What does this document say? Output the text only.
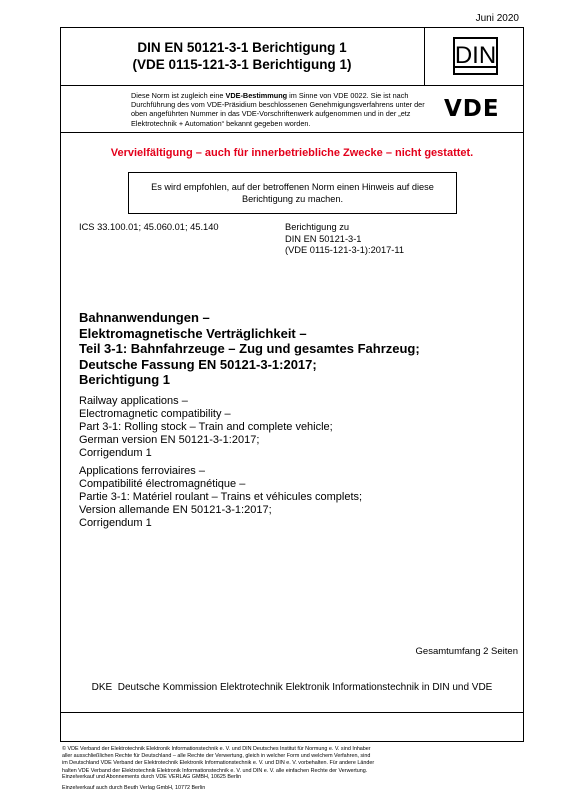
Juni 2020
DIN EN 50121-3-1 Berichtigung 1
(VDE 0115-121-3-1 Berichtigung 1)	DIN
Diese Norm ist zugleich eine VDE-Bestimmung im Sinne von VDE 0022. Sie ist nach Durchführung des vom VDE-Präsidium beschlossenen Genehmigungsverfahrens unter der oben angeführten Nummer in das VDE-Vorschriftenwerk aufgenommen und in der „etz Elektrotechnik + Automation“ bekannt gegeben worden.
VDE
Vervielfältigung – auch für innerbetriebliche Zwecke – nicht gestattet.
Es wird empfohlen, auf der betroffenen Norm einen Hinweis auf diese Berichtigung zu machen.
ICS 33.100.01; 45.060.01; 45.140	Berichtigung zu
DIN EN 50121-3-1
(VDE 0115-121-3-1):2017-11
Bahnanwendungen –
Elektromagnetische Verträglichkeit –
Teil 3-1: Bahnfahrzeuge – Zug und gesamtes Fahrzeug;
Deutsche Fassung EN 50121-3-1:2017;
Berichtigung 1
Railway applications –
Electromagnetic compatibility –
Part 3-1: Rolling stock – Train and complete vehicle;
German version EN 50121-3-1:2017;
Corrigendum 1
Applications ferroviaires –
Compatibilité électromagnétique –
Partie 3-1: Matériel roulant – Trains et véhicules complets;
Version allemande EN 50121-3-1:2017;
Corrigendum 1
Gesamtumfang 2 Seiten
DKE  Deutsche Kommission Elektrotechnik Elektronik Informationstechnik in DIN und VDE
© VDE Verband der Elektrotechnik Elektronik Informationstechnik e. V. und DIN Deutsches Institut für Normung e. V. sind Inhaber
aller ausschließlichen Rechte für Deutschland – alle Rechte der Verwertung, gleich in welcher Form und welchem Verfahren, sind
im Deutschland VDE Verband der Elektrotechnik Elektronik Informationstechnik e. V. und DIN e. V. vorbehalten. Für andere Länder
halten VDE Verband der Elektrotechnik Elektronik Informationstechnik e. V. und DIN e. V. alle einfachen Rechte der Verwertung.
Einzelverkauf und Abonnements durch VDE VERLAG GMBH, 10625 Berlin
Einzelverkauf auch durch Beuth Verlag GmbH, 10772 Berlin
